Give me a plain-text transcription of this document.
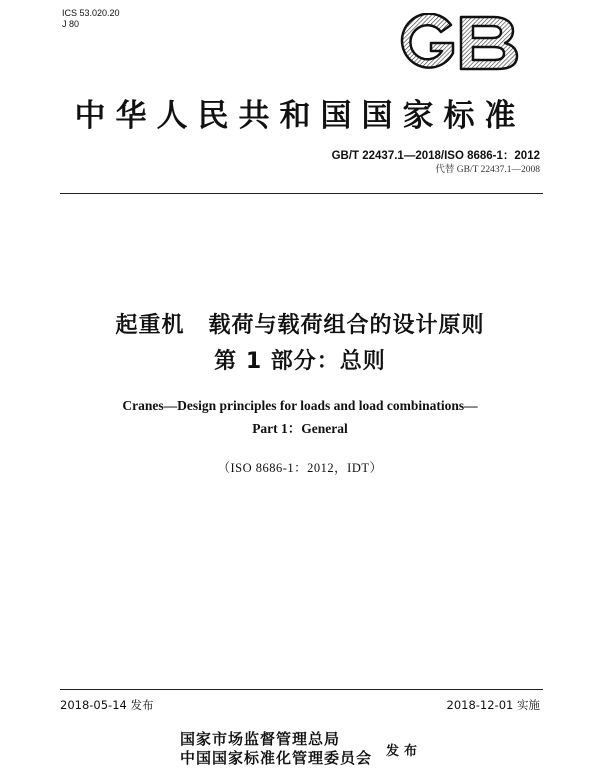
ICS 53.020.20
J 80
中华人民共和国国家标准
GB/T 22437.1—2018/ISO 8686-1：2012
代替 GB/T 22437.1—2008
起重机 载荷与载荷组合的设计原则
第 1 部分：总则
Cranes—Design principles for loads and load combinations—
Part 1：General
（ISO 8686-1：2012，IDT）
2018-05-14 发布	2018-12-01 实施
国家市场监督管理总局
中国国家标准化管理委员会 发布
